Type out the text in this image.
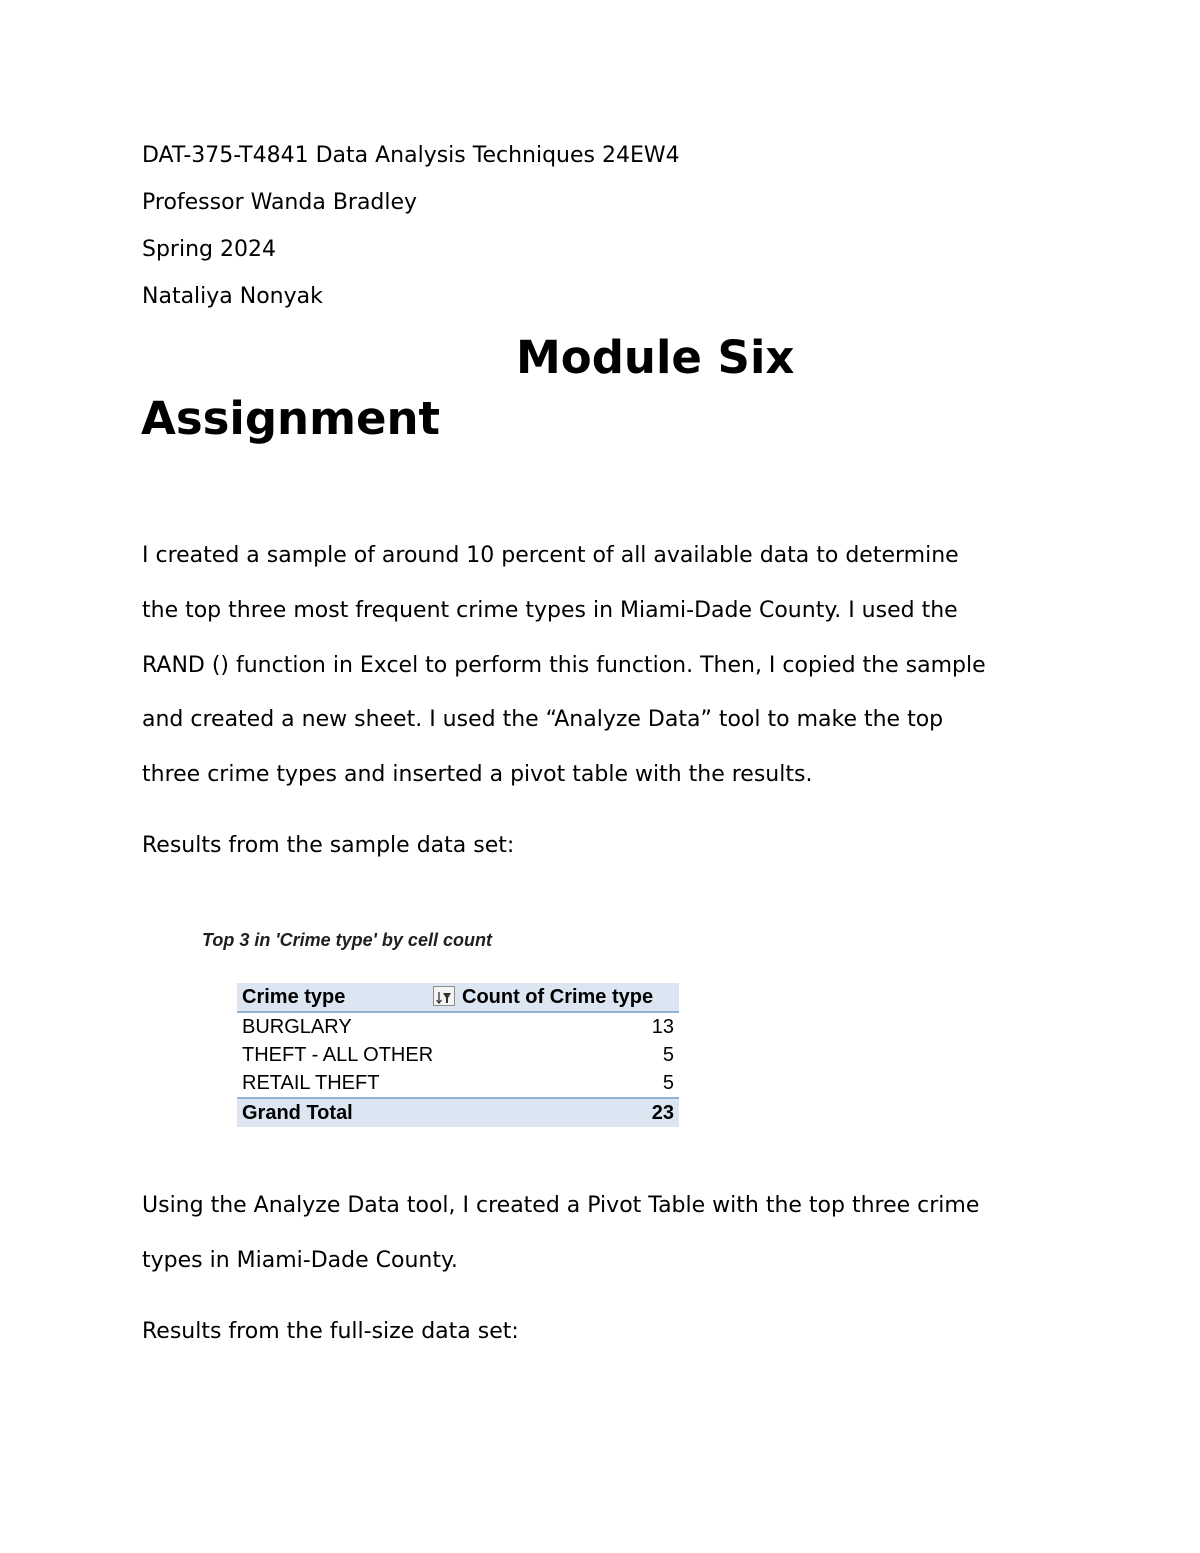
DAT-375-T4841 Data Analysis Techniques 24EW4
Professor Wanda Bradley
Spring 2024
Nataliya Nonyak
Module Six
Assignment
I created a sample of around 10 percent of all available data to determine
the top three most frequent crime types in Miami-Dade County. I used the
RAND () function in Excel to perform this function. Then, I copied the sample
and created a new sheet. I used the “Analyze Data” tool to make the top
three crime types and inserted a pivot table with the results.
Results from the sample data set:
Top 3 in 'Crime type' by cell count
Crime type	Count of Crime type
BURGLARY	13
THEFT - ALL OTHER	5
RETAIL THEFT	5
Grand Total	23
Using the Analyze Data tool, I created a Pivot Table with the top three crime
types in Miami-Dade County.
Results from the full-size data set:
